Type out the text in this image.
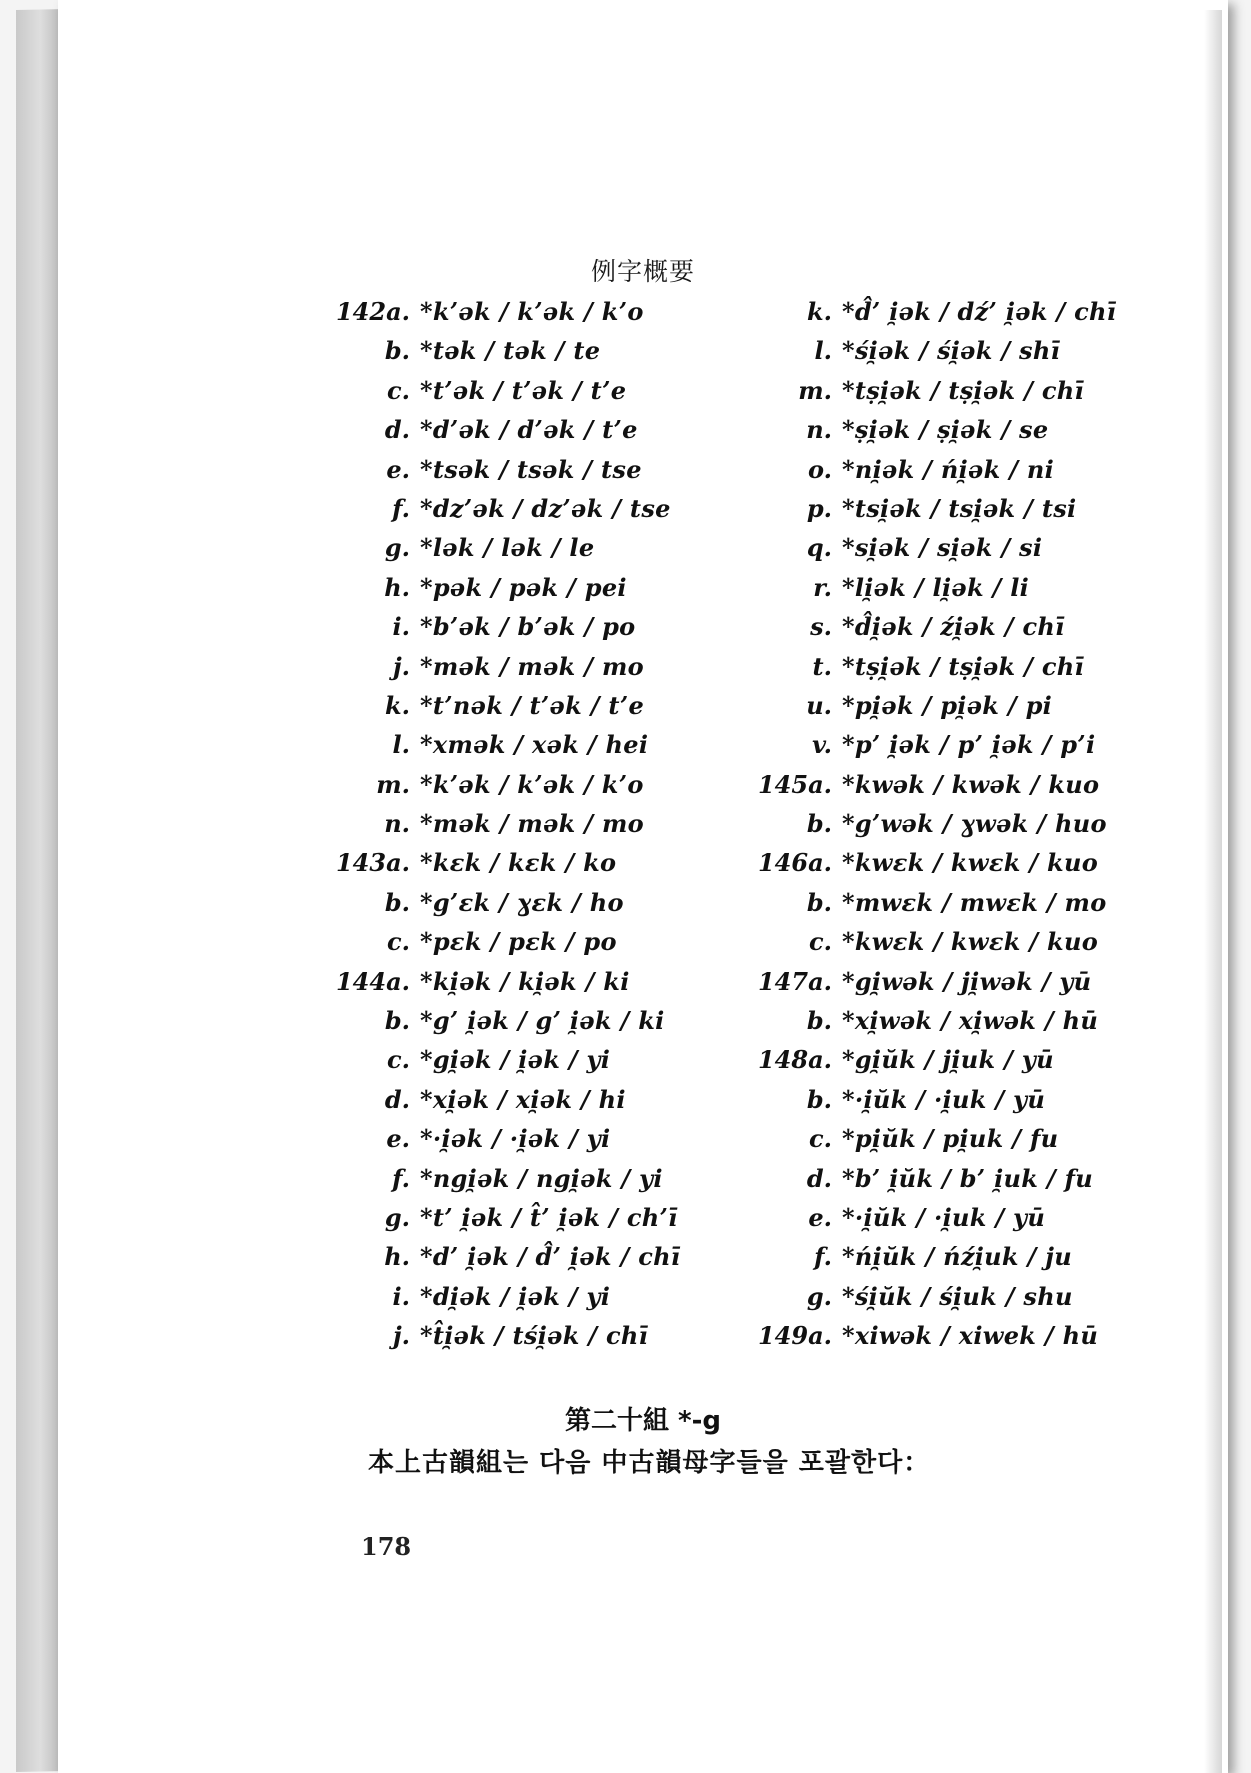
例字概要
142a. *k’ək / k’ək / k’o
b. *tək / tək / te
c. *t’ək / t’ək / t’e
d. *d’ək / d’ək / t’e
e. *tsək / tsək / tse
f. *dz’ək / dz’ək / tse
g. *lək / lək / le
h. *pək / pək / pei
i. *b’ək / b’ək / po
j. *mək / mək / mo
k. *t’nək / t’ək / t’e
l. *xmək / xək / hei
m. *k’ək / k’ək / k’o
n. *mək / mək / mo
143a. *kɛk / kɛk / ko
b. *g’ɛk / ɣɛk / ho
c. *pɛk / pɛk / po
144a. *ki̯ək / ki̯ək / ki
b. *g’ i̯ək / g’ i̯ək / ki
c. *gi̯ək / i̯ək / yi
d. *xi̯ək / xi̯ək / hi
e. *·i̯ək / ·i̯ək / yi
f. *ngi̯ək / ngi̯ək / yi
g. *t’ i̯ək / t̂’ i̯ək / ch’ī
h. *d’ i̯ək / d̂’ i̯ək / chī
i. *di̯ək / i̯ək / yi
j. *t̂i̯ək / tśi̯ək / chī
k. *d̂’ i̯ək / dź’ i̯ək / chī
l. *śi̯ək / śi̯ək / shī
m. *tṣi̯ək / tṣi̯ək / chī
n. *ṣi̯ək / ṣi̯ək / se
o. *ni̯ək / ńi̯ək / ni
p. *tsi̯ək / tsi̯ək / tsi
q. *si̯ək / si̯ək / si
r. *li̯ək / li̯ək / li
s. *d̂i̯ək / źi̯ək / chī
t. *tṣi̯ək / tṣi̯ək / chī
u. *pi̯ək / pi̯ək / pi
v. *p’ i̯ək / p’ i̯ək / p’i
145a. *kwək / kwək / kuo
b. *g’wək / ɣwək / huo
146a. *kwɛk / kwɛk / kuo
b. *mwɛk / mwɛk / mo
c. *kwɛk / kwɛk / kuo
147a. *gi̯wək / ji̯wək / yū
b. *xi̯wək / xi̯wək / hū
148a. *gi̯ŭk / ji̯uk / yū
b. *·i̯ŭk / ·i̯uk / yū
c. *pi̯ŭk / pi̯uk / fu
d. *b’ i̯ŭk / b’ i̯uk / fu
e. *·i̯ŭk / ·i̯uk / yū
f. *ńi̯ŭk / ńźi̯uk / ju
g. *śi̯ŭk / śi̯uk / shu
149a. *xiwək / xiwek / hū
第二十組 *-g
本上古韻組는 다음 中古韻母字들을 포괄한다：
178
